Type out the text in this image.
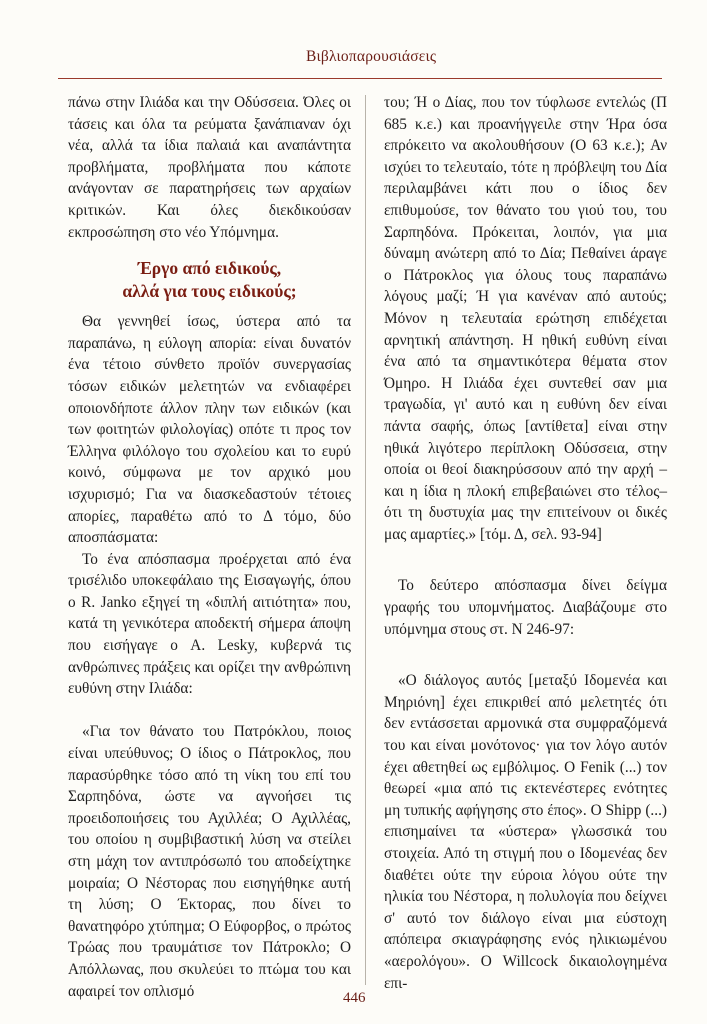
Βιβλιοπαρουσιάσεις

πάνω στην Ιλιάδα και την Οδύσσεια. Όλες οι τάσεις και όλα τα ρεύματα ξανάπιαναν όχι νέα, αλλά τα ίδια παλαιά και αναπάντητα προβλήματα, προβλήματα που κάποτε ανάγονταν σε παρατηρήσεις των αρχαίων κριτικών. Και όλες διεκδικούσαν εκπροσώπηση στο νέο Υπόμνημα.

Έργο από ειδικούς,
αλλά για τους ειδικούς;

Θα γεννηθεί ίσως, ύστερα από τα παραπάνω, η εύλογη απορία: είναι δυνατόν ένα τέτοιο σύνθετο προϊόν συνεργασίας τόσων ειδικών μελετητών να ενδιαφέρει οποιονδήποτε άλλον πλην των ειδικών (και των φοιτητών φιλολογίας) οπότε τι προς τον Έλληνα φιλόλογο του σχολείου και το ευρύ κοινό, σύμφωνα με τον αρχικό μου ισχυρισμό; Για να διασκεδαστούν τέτοιες απορίες, παραθέτω από το Δ τόμο, δύο αποσπάσματα:

Το ένα απόσπασμα προέρχεται από ένα τρισέλιδο υποκεφάλαιο της Εισαγωγής, όπου ο R. Janko εξηγεί τη «διπλή αιτιότητα» που, κατά τη γενικότερα αποδεκτή σήμερα άποψη που εισήγαγε ο A. Lesky, κυβερνά τις ανθρώπινες πράξεις και ορίζει την ανθρώπινη ευθύνη στην Ιλιάδα:

«Για τον θάνατο του Πατρόκλου, ποιος είναι υπεύθυνος; Ο ίδιος ο Πάτροκλος, που παρασύρθηκε τόσο από τη νίκη του επί του Σαρπηδόνα, ώστε να αγνοήσει τις προειδοποιήσεις του Αχιλλέα; Ο Αχιλλέας, του οποίου η συμβιβαστική λύση να στείλει στη μάχη τον αντιπρόσωπό του αποδείχτηκε μοιραία; Ο Νέστορας που εισηγήθηκε αυτή τη λύση; Ο Έκτορας, που δίνει το θανατηφόρο χτύπημα; Ο Εύφορβος, ο πρώτος Τρώας που τραυμάτισε τον Πάτροκλο; Ο Απόλλωνας, που σκυλεύει το πτώμα του και αφαιρεί τον οπλισμό

του; Ή ο Δίας, που τον τύφλωσε εντελώς (Π 685 κ.ε.) και προανήγγειλε στην Ήρα όσα επρόκειτο να ακολουθήσουν (Ο 63 κ.ε.); Αν ισχύει το τελευταίο, τότε η πρόβλεψη του Δία περιλαμβάνει κάτι που ο ίδιος δεν επιθυμούσε, τον θάνατο του γιού του, του Σαρπηδόνα. Πρόκειται, λοιπόν, για μια δύναμη ανώτερη από το Δία; Πεθαίνει άραγε ο Πάτροκλος για όλους τους παραπάνω λόγους μαζί; Ή για κανέναν από αυτούς; Μόνον η τελευταία ερώτηση επιδέχεται αρνητική απάντηση. Η ηθική ευθύνη είναι ένα από τα σημαντικότερα θέματα στον Όμηρο. Η Ιλιάδα έχει συντεθεί σαν μια τραγωδία, γι' αυτό και η ευθύνη δεν είναι πάντα σαφής, όπως [αντίθετα] είναι στην ηθικά λιγότερο περίπλοκη Οδύσσεια, στην οποία οι θεοί διακηρύσσουν από την αρχή –και η ίδια η πλοκή επιβεβαιώνει στο τέλος– ότι τη δυστυχία μας την επιτείνουν οι δικές μας αμαρτίες.» [τόμ. Δ, σελ. 93-94]

Το δεύτερο απόσπασμα δίνει δείγμα γραφής του υπομνήματος. Διαβάζουμε στο υπόμνημα στους στ. Ν 246-97:

«Ο διάλογος αυτός [μεταξύ Ιδομενέα και Μηριόνη] έχει επικριθεί από μελετητές ότι δεν εντάσσεται αρμονικά στα συμφραζόμενά του και είναι μονότονος· για τον λόγο αυτόν έχει αθετηθεί ως εμβόλιμος. Ο Fenik (...) τον θεωρεί «μια από τις εκτενέστερες ενότητες μη τυπικής αφήγησης στο έπος». Ο Shipp (...) επισημαίνει τα «ύστερα» γλωσσικά του στοιχεία. Από τη στιγμή που ο Ιδομενέας δεν διαθέτει ούτε την εύροια λόγου ούτε την ηλικία του Νέστορα, η πολυλογία που δείχνει σ' αυτό τον διάλογο είναι μια εύστοχη απόπειρα σκιαγράφησης ενός ηλικιωμένου «αερολόγου». Ο Willcock δικαιολογημένα επι-

446
